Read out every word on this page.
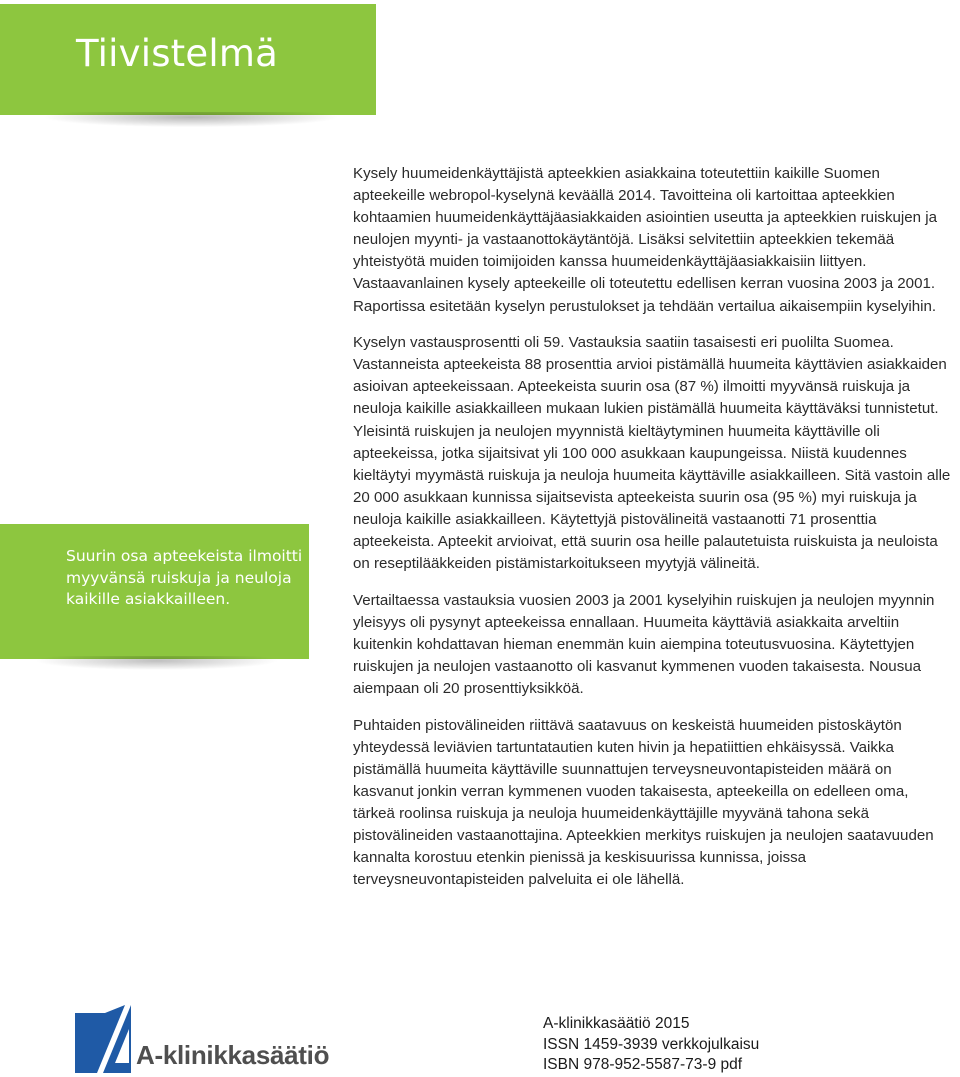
Tiivistelmä
Suurin osa apteekeista ilmoitti myyvänsä ruiskuja ja neuloja kaikille asiakkailleen.

Kysely huumeidenkäyttäjistä apteekkien asiakkaina toteutettiin kaikille Suomen apteekeille webropol-kyselynä keväällä 2014. Tavoitteina oli kartoittaa apteekkien kohtaamien huumeidenkäyttäjäasiakkaiden asiointien useutta ja apteekkien ruiskujen ja neulojen myynti- ja vastaanottokäytäntöjä. Lisäksi selvitettiin apteekkien tekemää yhteistyötä muiden toimijoiden kanssa huumeidenkäyttäjäasiakkaisiin liittyen. Vastaavanlainen kysely apteekeille oli toteutettu edellisen kerran vuosina 2003 ja 2001. Raportissa esitetään kyselyn perustulokset ja tehdään vertailua aikaisempiin kyselyihin.

Kyselyn vastausprosentti oli 59. Vastauksia saatiin tasaisesti eri puolilta Suomea. Vastanneista apteekeista 88 prosenttia arvioi pistämällä huumeita käyttävien asiakkaiden asioivan apteekeissaan. Apteekeista suurin osa (87 %) ilmoitti myyvänsä ruiskuja ja neuloja kaikille asiakkailleen mukaan lukien pistämällä huumeita käyttäväksi tunnistetut. Yleisintä ruiskujen ja neulojen myynnistä kieltäytyminen huumeita käyttäville oli apteekeissa, jotka sijaitsivat yli 100 000 asukkaan kaupungeissa. Niistä kuudennes kieltäytyi myymästä ruiskuja ja neuloja huumeita käyttäville asiakkailleen. Sitä vastoin alle 20 000 asukkaan kunnissa sijaitsevista apteekeista suurin osa (95 %) myi ruiskuja ja neuloja kaikille asiakkailleen. Käytettyjä pistovälineitä vastaanotti 71 prosenttia apteekeista. Apteekit arvioivat, että suurin osa heille palautetuista ruiskuista ja neuloista on reseptilääkkeiden pistämistarkoitukseen myytyjä välineitä.

Vertailtaessa vastauksia vuosien 2003 ja 2001 kyselyihin ruiskujen ja neulojen myynnin yleisyys oli pysynyt apteekeissa ennallaan. Huumeita käyttäviä asiakkaita arveltiin kuitenkin kohdattavan hieman enemmän kuin aiempina toteutusvuosina. Käytettyjen ruiskujen ja neulojen vastaanotto oli kasvanut kymmenen vuoden takaisesta. Nousua aiempaan oli 20 prosenttiyksikköä.

Puhtaiden pistovälineiden riittävä saatavuus on keskeistä huumeiden pistoskäytön yhteydessä leviävien tartuntatautien kuten hivin ja hepatiittien ehkäisyssä. Vaikka pistämällä huumeita käyttäville suunnattujen terveysneuvontapisteiden määrä on kasvanut jonkin verran kymmenen vuoden takaisesta, apteekeilla on edelleen oma, tärkeä roolinsa ruiskuja ja neuloja huumeidenkäyttäjille myyvänä tahona sekä pistovälineiden vastaanottajina. Apteekkien merkitys ruiskujen ja neulojen saatavuuden kannalta korostuu etenkin pienissä ja keskisuurissa kunnissa, joissa terveysneuvontapisteiden palveluita ei ole lähellä.

A-klinikkasäätiö
A-klinikkasäätiö 2015
ISSN 1459-3939 verkkojulkaisu
ISBN 978-952-5587-73-9 pdf
